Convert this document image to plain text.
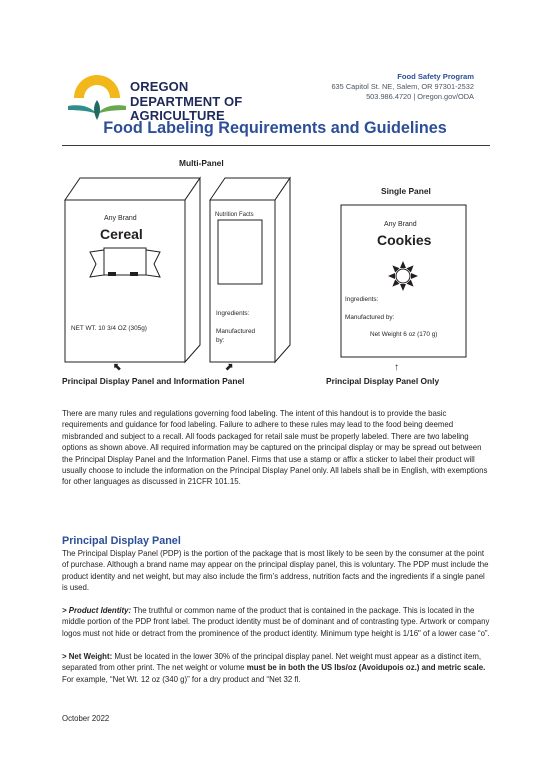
OREGON
DEPARTMENT OF
AGRICULTURE
Food Safety Program
635 Capitol St. NE, Salem, OR 97301-2532
503.986.4720 | Oregon.gov/ODA
Food Labeling Requirements and Guidelines
Multi-Panel
Single Panel
Any Brand
Cereal
NET WT. 10 3/4 OZ (305g)
Nutrition Facts
Ingredients:
Manufactured
by:
Any Brand
Cookies
Ingredients:
Manufactured by:
Net Weight 6 oz (170 g)
⬉	⬈	↑
Principal Display Panel and Information Panel	Principal Display Panel Only
There are many rules and regulations governing food labeling. The intent of this handout is to provide the basic requirements and guidance for food labeling. Failure to adhere to these rules may lead to the food being deemed misbranded and subject to a recall. All foods packaged for retail sale must be properly labeled. There are two labeling options as shown above. All required information may be captured on the principal display or may be spread out between the Principal Display Panel and the Information Panel. Firms that use a stamp or affix a sticker to label their product will usually choose to include the information on the Principal Display Panel only. All labels shall be in English, with exemptions for other languages as discussed in 21CFR 101.15.
Principal Display Panel
The Principal Display Panel (PDP) is the portion of the package that is most likely to be seen by the consumer at the point of purchase. Although a brand name may appear on the principal display panel, this is voluntary. The PDP must include the product identity and net weight, but may also include the firm’s address, nutrition facts and the ingredients if a single panel is used.
> Product Identity: The truthful or common name of the product that is contained in the package. This is located in the middle portion of the PDP front label. The product identity must be of dominant and of contrasting type. Artwork or company logos must not hide or detract from the prominence of the product identity. Minimum type height is 1/16" of a lower case “o”.
> Net Weight: Must be located in the lower 30% of the principal display panel. Net weight must appear as a distinct item, separated from other print. The net weight or volume must be in both the US lbs/oz (Avoidupois oz.) and metric scale. For example, “Net Wt. 12 oz (340 g)” for a dry product and “Net 32 fl.
October 2022
